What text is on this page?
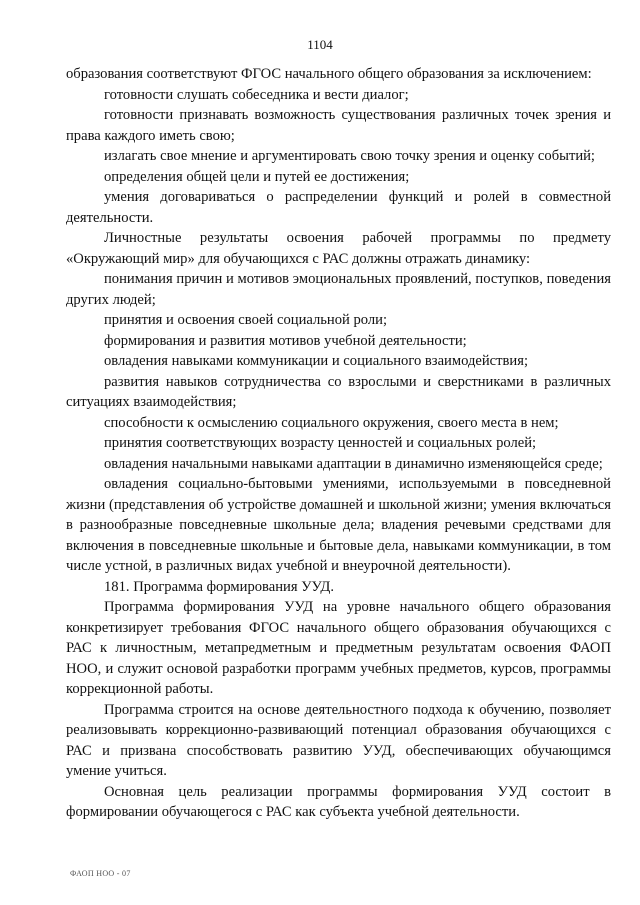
1104

образования соответствуют ФГОС начального общего образования за исключением:

готовности слушать собеседника и вести диалог;

готовности признавать возможность существования различных точек зрения и права каждого иметь свою;

излагать свое мнение и аргументировать свою точку зрения и оценку событий;

определения общей цели и путей ее достижения;

умения договариваться о распределении функций и ролей в совместной деятельности.

Личностные результаты освоения рабочей программы по предмету «Окружающий мир» для обучающихся с РАС должны отражать динамику:

понимания причин и мотивов эмоциональных проявлений, поступков, поведения других людей;

принятия и освоения своей социальной роли;

формирования и развития мотивов учебной деятельности;

овладения навыками коммуникации и социального взаимодействия;

развития навыков сотрудничества со взрослыми и сверстниками в различных ситуациях взаимодействия;

способности к осмыслению социального окружения, своего места в нем;

принятия соответствующих возрасту ценностей и социальных ролей;

овладения начальными навыками адаптации в динамично изменяющейся среде;

овладения социально-бытовыми умениями, используемыми в повседневной жизни (представления об устройстве домашней и школьной жизни; умения включаться в разнообразные повседневные школьные дела; владения речевыми средствами для включения в повседневные школьные и бытовые дела, навыками коммуникации, в том числе устной, в различных видах учебной и внеурочной деятельности).

181. Программа формирования УУД.

Программа формирования УУД на уровне начального общего образования конкретизирует требования ФГОС начального общего образования обучающихся с РАС к личностным, метапредметным и предметным результатам освоения ФАОП НОО, и служит основой разработки программ учебных предметов, курсов, программы коррекционной работы.

Программа строится на основе деятельностного подхода к обучению, позволяет реализовывать коррекционно-развивающий потенциал образования обучающихся с РАС и призвана способствовать развитию УУД, обеспечивающих обучающимся умение учиться.

Основная цель реализации программы формирования УУД состоит в формировании обучающегося с РАС как субъекта учебной деятельности.

ФАОП НОО - 07
